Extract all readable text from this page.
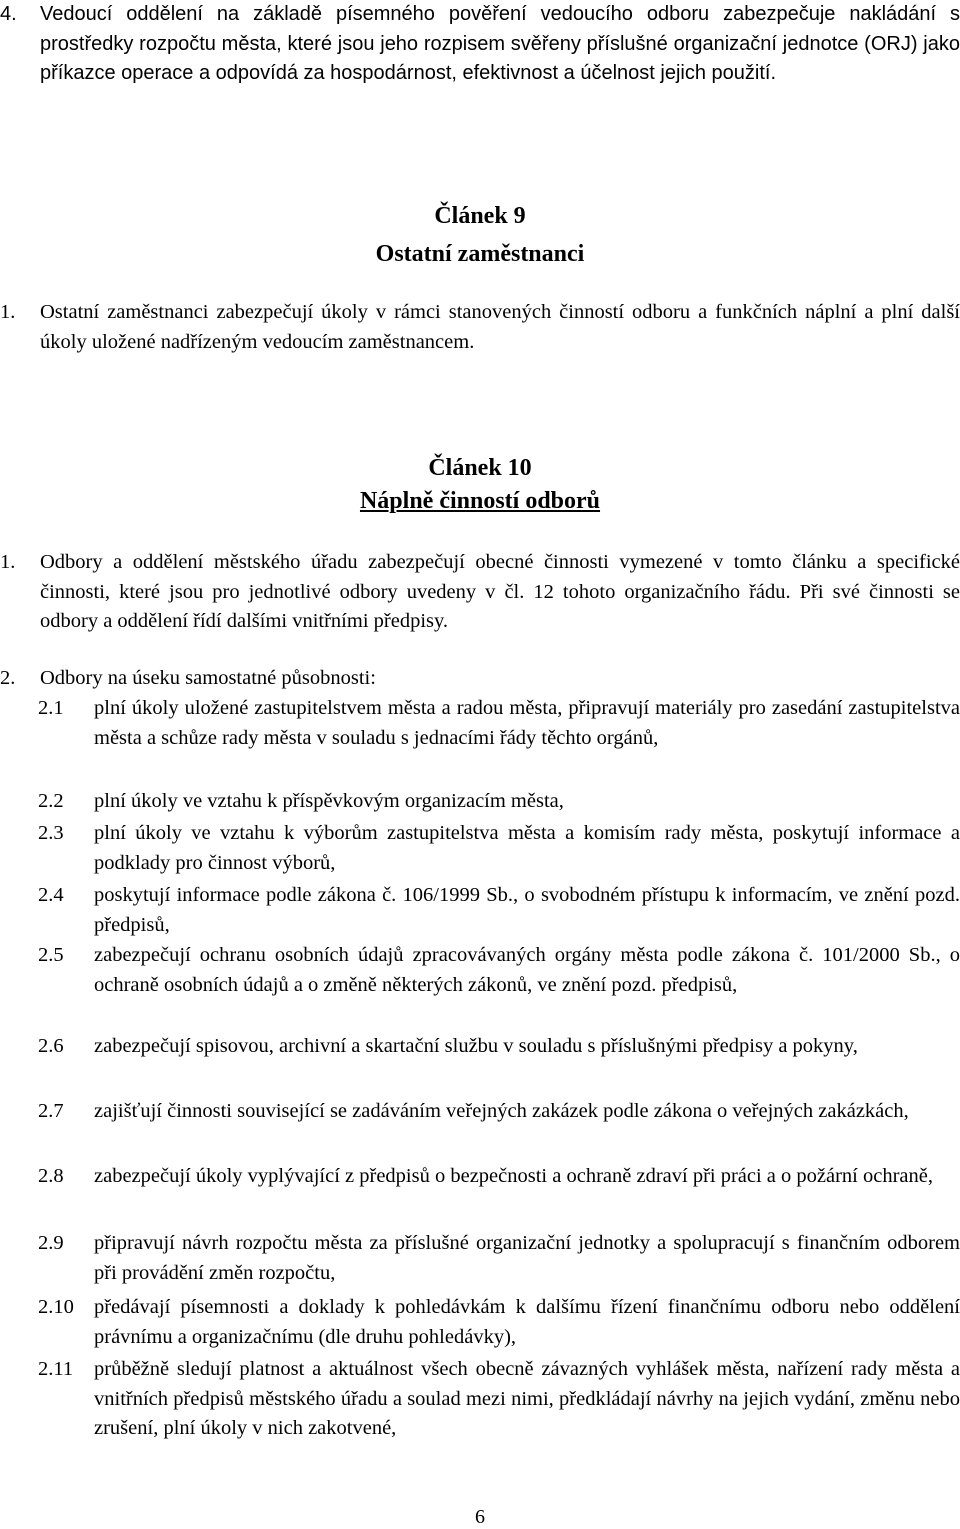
4. Vedoucí oddělení na základě písemného pověření vedoucího odboru zabezpečuje nakládání s prostředky rozpočtu města, které jsou jeho rozpisem svěřeny příslušné organizační jednotce (ORJ) jako příkazce operace a odpovídá za hospodárnost, efektivnost a účelnost jejich použití.
Článek 9
Ostatní zaměstnanci
1. Ostatní zaměstnanci zabezpečují úkoly v rámci stanovených činností odboru a funkčních náplní a plní další úkoly uložené nadřízeným vedoucím zaměstnancem.
Článek 10
Náplně činností odborů
1. Odbory a oddělení městského úřadu zabezpečují obecné činnosti vymezené v tomto článku a specifické činnosti, které jsou pro jednotlivé odbory uvedeny v čl. 12 tohoto organizačního řádu. Při své činnosti se odbory a oddělení řídí dalšími vnitřními předpisy.
2. Odbory na úseku samostatné působnosti:
2.1	plní úkoly uložené zastupitelstvem města a radou města, připravují materiály pro zasedání zastupitelstva města a schůze rady města v souladu s jednacími řády těchto orgánů,
2.2	plní úkoly ve vztahu k příspěvkovým organizacím města,
2.3	plní úkoly ve vztahu k výborům zastupitelstva města a komisím rady města, poskytují informace a podklady pro činnost výborů,
2.4	poskytují informace podle zákona č. 106/1999 Sb., o svobodném přístupu k informacím, ve znění pozd. předpisů,
2.5	zabezpečují ochranu osobních údajů zpracovávaných orgány města podle zákona č. 101/2000 Sb., o ochraně osobních údajů a o změně některých zákonů, ve znění pozd. předpisů,
2.6	zabezpečují spisovou, archivní a skartační službu v souladu s příslušnými předpisy a pokyny,
2.7	zajišťují činnosti související se zadáváním veřejných zakázek podle zákona o veřejných zakázkách,
2.8	zabezpečují úkoly vyplývající z předpisů o bezpečnosti a ochraně zdraví při práci a o požární ochraně,
2.9	připravují návrh rozpočtu města za příslušné organizační jednotky a spolupracují s finančním odborem při provádění změn rozpočtu,
2.10 předávají písemnosti a doklady k pohledávkám k dalšímu řízení finančnímu odboru nebo oddělení právnímu a organizačnímu (dle druhu pohledávky),
2.11	průběžně sledují platnost a aktuálnost všech obecně závazných vyhlášek města, nařízení rady města a vnitřních předpisů městského úřadu a soulad mezi nimi, předkládají návrhy na jejich vydání, změnu nebo zrušení, plní úkoly v nich zakotvené,
6
